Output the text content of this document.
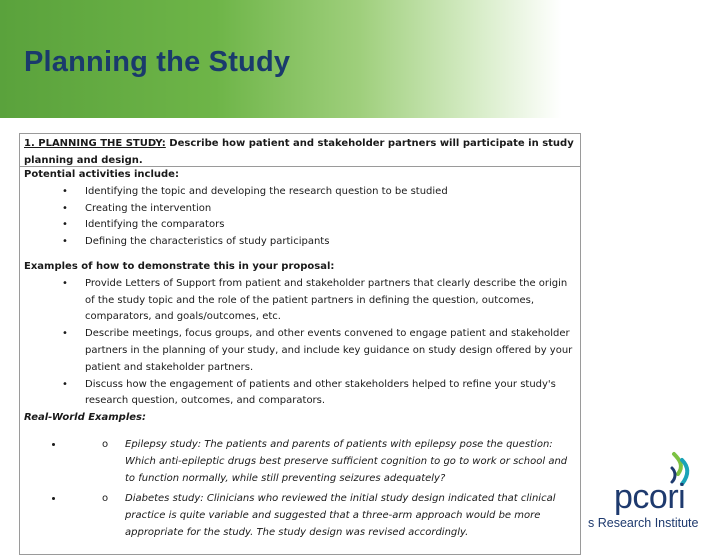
Planning the Study
1. PLANNING THE STUDY: Describe how patient and stakeholder partners will participate in study planning and design.
Potential activities include:
• Identifying the topic and developing the research question to be studied
• Creating the intervention
• Identifying the comparators
• Defining the characteristics of study participants
Examples of how to demonstrate this in your proposal:
• Provide Letters of Support from patient and stakeholder partners that clearly describe the origin of the study topic and the role of the patient partners in defining the question, outcomes, comparators, and goals/outcomes, etc.
• Describe meetings, focus groups, and other events convened to engage patient and stakeholder partners in the planning of your study, and include key guidance on study design offered by your patient and stakeholder partners.
• Discuss how the engagement of patients and other stakeholders helped to refine your study's research question, outcomes, and comparators.
Real-World Examples:
• o Epilepsy study: The patients and parents of patients with epilepsy pose the question: Which anti-epileptic drugs best preserve sufficient cognition to go to work or school and to function normally, while still preventing seizures adequately?
• o Diabetes study: Clinicians who reviewed the initial study design indicated that clinical practice is quite variable and suggested that a three-arm approach would be more appropriate for the study. The study design was revised accordingly.
pcori
s Research Institute
